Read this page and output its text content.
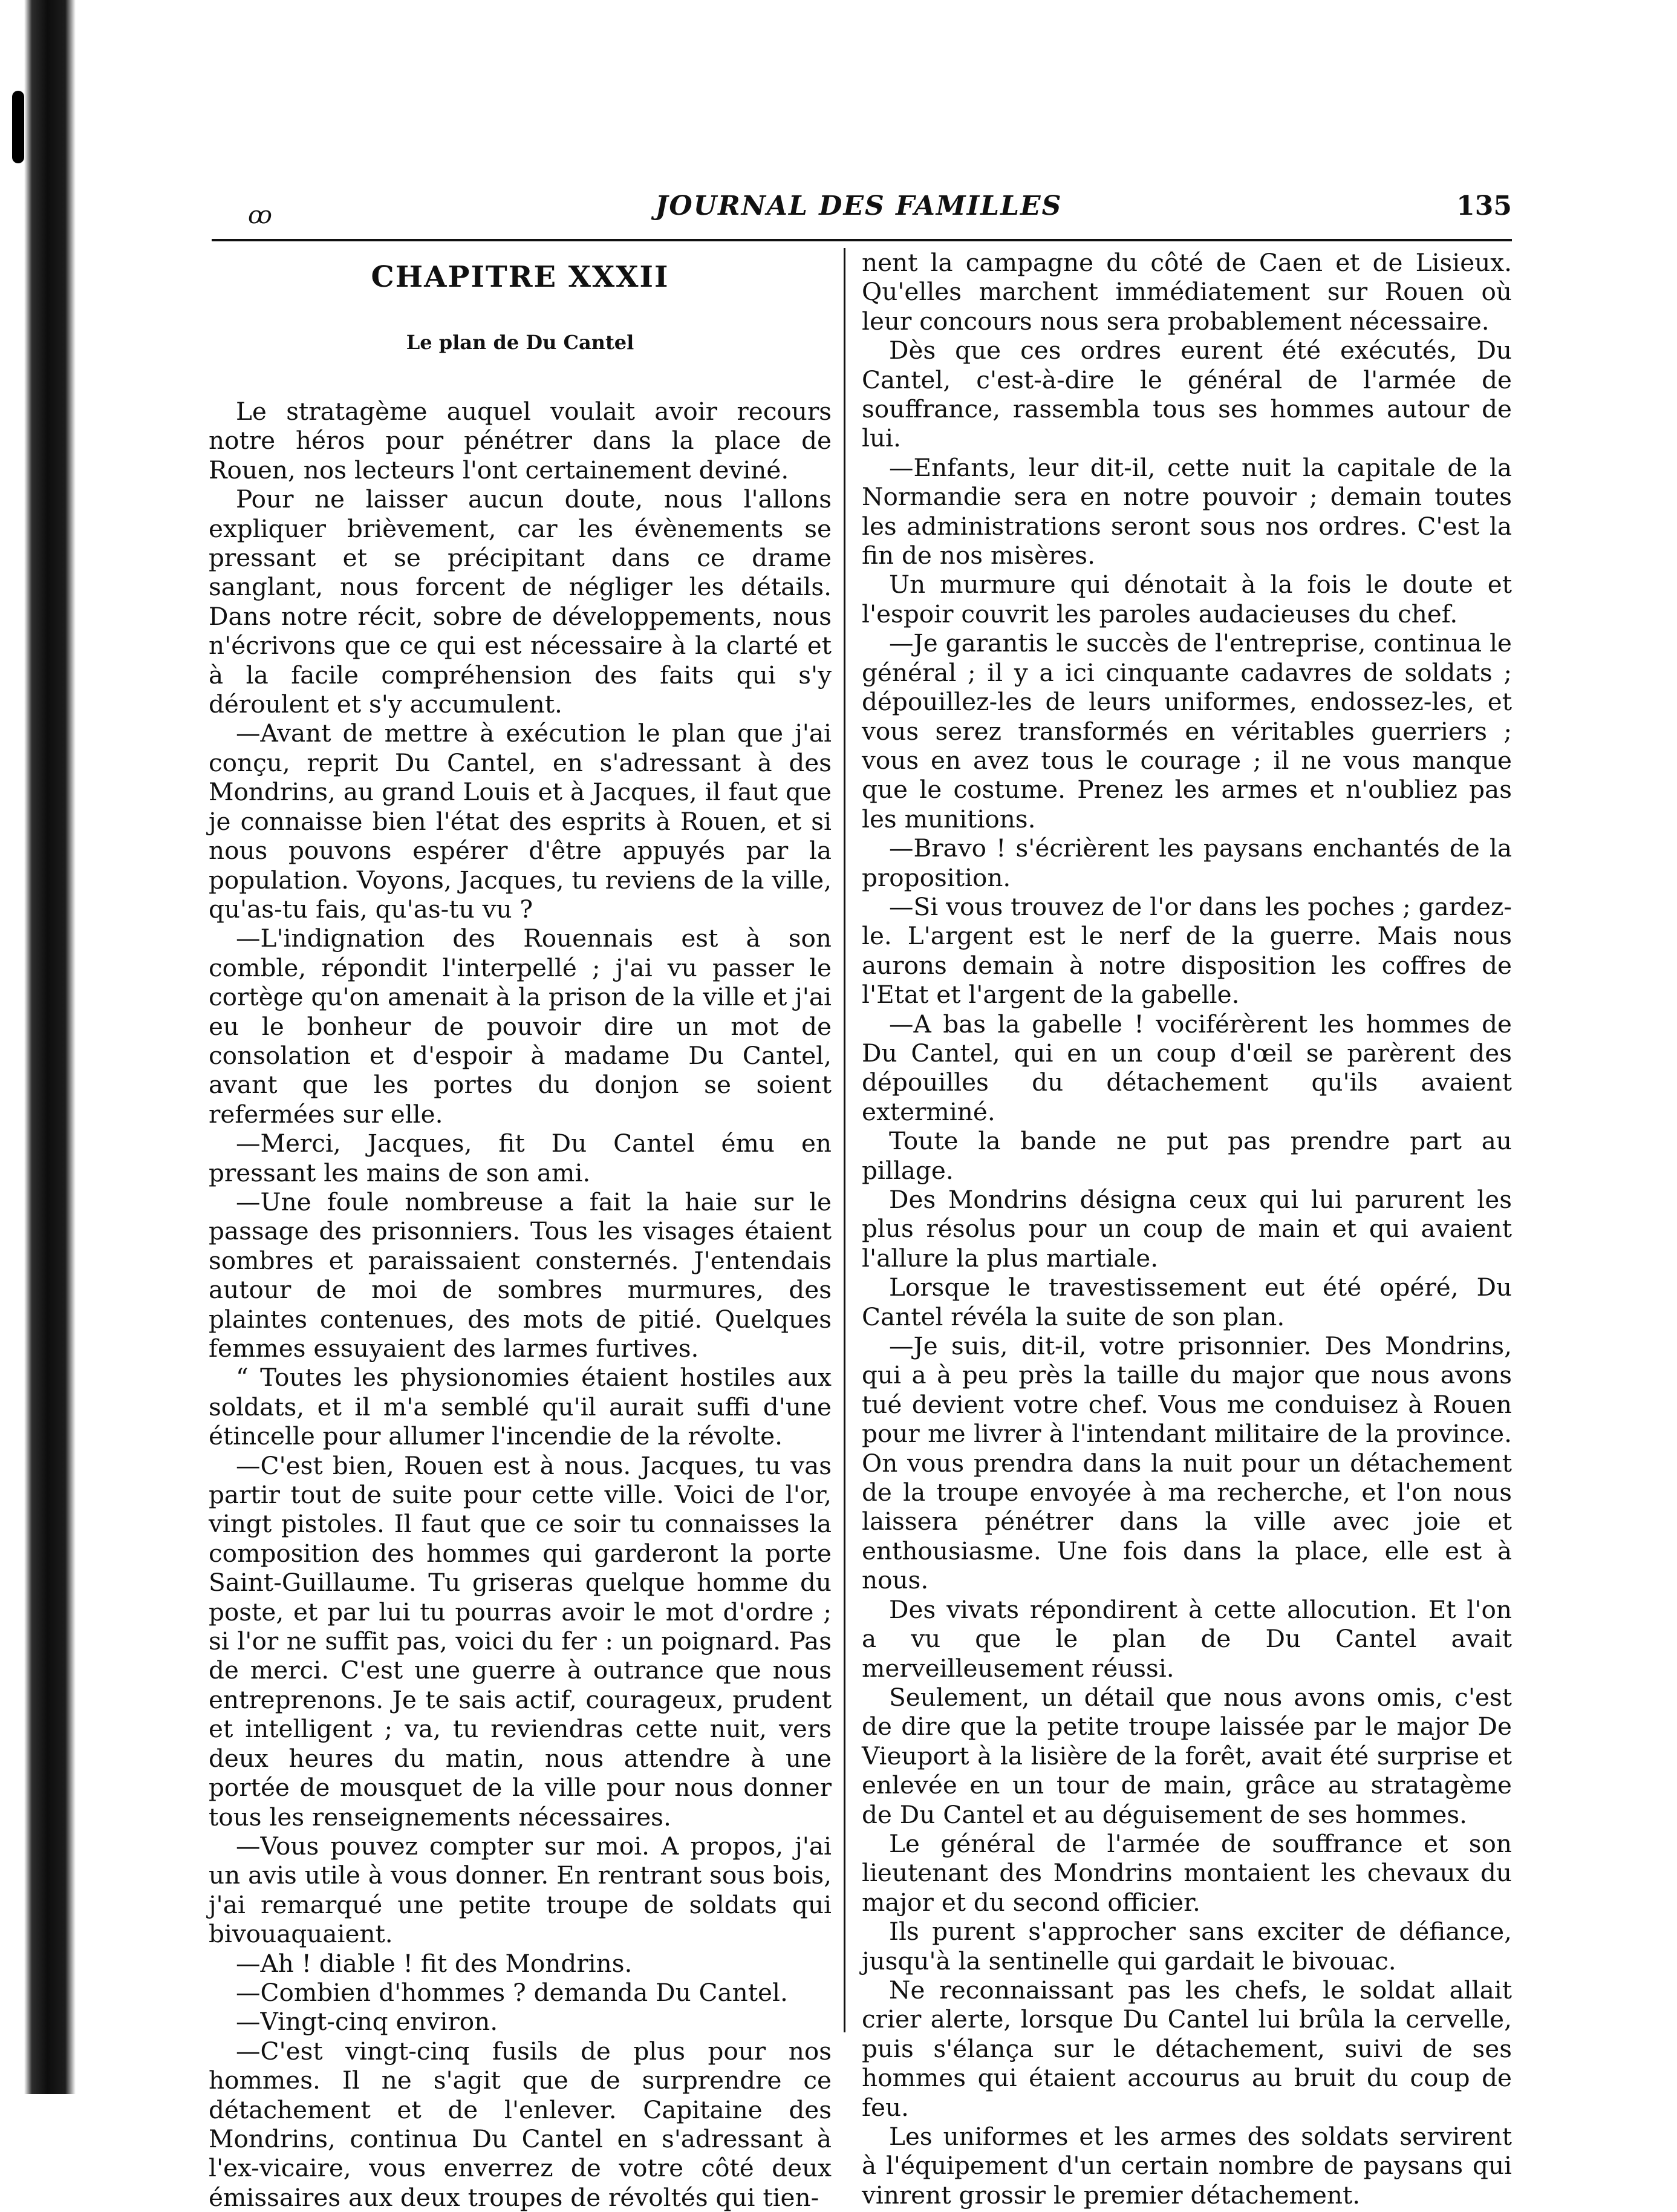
ꝏ	JOURNAL DES FAMILLES	135
CHAPITRE XXXII
Le plan de Du Cantel

Le stratagème auquel voulait avoir recours notre héros pour pénétrer dans la place de Rouen, nos lecteurs l'ont certainement deviné.

Pour ne laisser aucun doute, nous l'allons expliquer brièvement, car les évènements se pressant et se précipitant dans ce drame sanglant, nous forcent de négliger les détails. Dans notre récit, sobre de développements, nous n'écrivons que ce qui est nécessaire à la clarté et à la facile compréhension des faits qui s'y déroulent et s'y accumulent.

—Avant de mettre à exécution le plan que j'ai conçu, reprit Du Cantel, en s'adressant à des Mondrins, au grand Louis et à Jacques, il faut que je connaisse bien l'état des esprits à Rouen, et si nous pouvons espérer d'être appuyés par la population. Voyons, Jacques, tu reviens de la ville, qu'as-tu fais, qu'as-tu vu ?

—L'indignation des Rouennais est à son comble, répondit l'interpellé ; j'ai vu passer le cortège qu'on amenait à la prison de la ville et j'ai eu le bonheur de pouvoir dire un mot de consolation et d'espoir à madame Du Cantel, avant que les portes du donjon se soient refermées sur elle.

—Merci, Jacques, fit Du Cantel ému en pressant les mains de son ami.

—Une foule nombreuse a fait la haie sur le passage des prisonniers. Tous les visages étaient sombres et paraissaient consternés. J'entendais autour de moi de sombres murmures, des plaintes contenues, des mots de pitié. Quelques femmes essuyaient des larmes furtives.

“ Toutes les physionomies étaient hostiles aux soldats, et il m'a semblé qu'il aurait suffi d'une étincelle pour allumer l'incendie de la révolte.

—C'est bien, Rouen est à nous. Jacques, tu vas partir tout de suite pour cette ville. Voici de l'or, vingt pistoles. Il faut que ce soir tu connaisses la composition des hommes qui garderont la porte Saint-Guillaume. Tu griseras quelque homme du poste, et par lui tu pourras avoir le mot d'ordre ; si l'or ne suffit pas, voici du fer : un poignard. Pas de merci. C'est une guerre à outrance que nous entreprenons. Je te sais actif, courageux, prudent et intelligent ; va, tu reviendras cette nuit, vers deux heures du matin, nous attendre à une portée de mousquet de la ville pour nous donner tous les renseignements nécessaires.

—Vous pouvez compter sur moi. A propos, j'ai un avis utile à vous donner. En rentrant sous bois, j'ai remarqué une petite troupe de soldats qui bivouaquaient.

—Ah ! diable ! fit des Mondrins.

—Combien d'hommes ? demanda Du Cantel.

—Vingt-cinq environ.

—C'est vingt-cinq fusils de plus pour nos hommes. Il ne s'agit que de surprendre ce détachement et de l'enlever. Capitaine des Mondrins, continua Du Cantel en s'adressant à l'ex-vicaire, vous enverrez de votre côté deux émissaires aux deux troupes de révoltés qui tien-

nent la campagne du côté de Caen et de Lisieux. Qu'elles marchent immédiatement sur Rouen où leur concours nous sera probablement nécessaire.

Dès que ces ordres eurent été exécutés, Du Cantel, c'est-à-dire le général de l'armée de souffrance, rassembla tous ses hommes autour de lui.

—Enfants, leur dit-il, cette nuit la capitale de la Normandie sera en notre pouvoir ; demain toutes les administrations seront sous nos ordres. C'est la fin de nos misères.

Un murmure qui dénotait à la fois le doute et l'espoir couvrit les paroles audacieuses du chef.

—Je garantis le succès de l'entreprise, continua le général ; il y a ici cinquante cadavres de soldats ; dépouillez-les de leurs uniformes, endossez-les, et vous serez transformés en véritables guerriers ; vous en avez tous le courage ; il ne vous manque que le costume. Prenez les armes et n'oubliez pas les munitions.

—Bravo ! s'écrièrent les paysans enchantés de la proposition.

—Si vous trouvez de l'or dans les poches ; gardez-le. L'argent est le nerf de la guerre. Mais nous aurons demain à notre disposition les coffres de l'Etat et l'argent de la gabelle.

—A bas la gabelle ! vociférèrent les hommes de Du Cantel, qui en un coup d'œil se parèrent des dépouilles du détachement qu'ils avaient exterminé.

Toute la bande ne put pas prendre part au pillage.

Des Mondrins désigna ceux qui lui parurent les plus résolus pour un coup de main et qui avaient l'allure la plus martiale.

Lorsque le travestissement eut été opéré, Du Cantel révéla la suite de son plan.

—Je suis, dit-il, votre prisonnier. Des Mondrins, qui a à peu près la taille du major que nous avons tué devient votre chef. Vous me conduisez à Rouen pour me livrer à l'intendant militaire de la province. On vous prendra dans la nuit pour un détachement de la troupe envoyée à ma recherche, et l'on nous laissera pénétrer dans la ville avec joie et enthousiasme. Une fois dans la place, elle est à nous.

Des vivats répondirent à cette allocution. Et l'on a vu que le plan de Du Cantel avait merveilleusement réussi.

Seulement, un détail que nous avons omis, c'est de dire que la petite troupe laissée par le major De Vieuport à la lisière de la forêt, avait été surprise et enlevée en un tour de main, grâce au stratagème de Du Cantel et au déguisement de ses hommes.

Le général de l'armée de souffrance et son lieutenant des Mondrins montaient les chevaux du major et du second officier.

Ils purent s'approcher sans exciter de défiance, jusqu'à la sentinelle qui gardait le bivouac.

Ne reconnaissant pas les chefs, le soldat allait crier alerte, lorsque Du Cantel lui brûla la cervelle, puis s'élança sur le détachement, suivi de ses hommes qui étaient accourus au bruit du coup de feu.

Les uniformes et les armes des soldats servirent à l'équipement d'un certain nombre de paysans qui vinrent grossir le premier détachement.
